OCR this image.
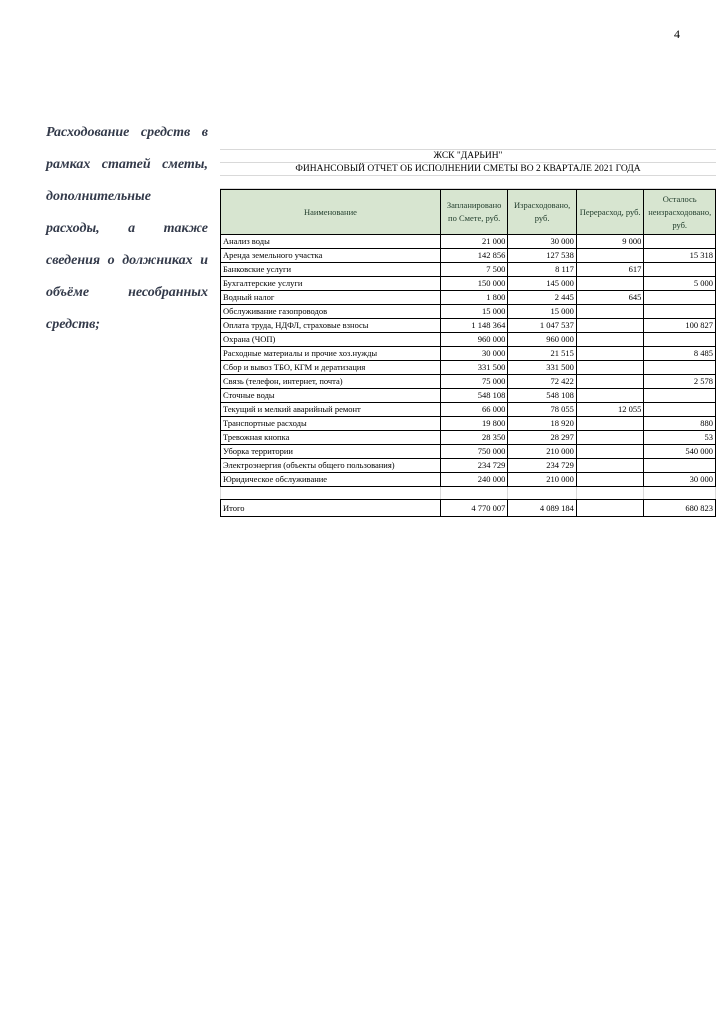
4
Расходование средств в
рамках статей сметы,
дополнительные
расходы, а также
сведения о должниках и
объёме	несобранных
средств;
ЖСК "ДАРЬИН"
ФИНАНСОВЫЙ ОТЧЕТ ОБ ИСПОЛНЕНИИ СМЕТЫ ВО 2 КВАРТАЛЕ 2021 ГОДА
Наименование	Запланировано по Смете, руб.	Израсходовано, руб.	Перерасход, руб.	Осталось неизрасходовано, руб.
Анализ воды	21 000	30 000	9 000	
Аренда земельного участка	142 856	127 538		15 318
Банковские услуги	7 500	8 117	617	
Бухгалтерские услуги	150 000	145 000		5 000
Водный налог	1 800	2 445	645	
Обслуживание газопроводов	15 000	15 000		
Оплата труда, НДФЛ, страховые взносы	1 148 364	1 047 537		100 827
Охрана (ЧОП)	960 000	960 000		
Расходные материалы и прочие хоз.нужды	30 000	21 515		8 485
Сбор и вывоз ТБО, КГМ и дератизация	331 500	331 500		
Связь (телефон, интернет, почта)	75 000	72 422		2 578
Сточные воды	548 108	548 108		
Текущий и мелкий аварийный ремонт	66 000	78 055	12 055	
Транспортные расходы	19 800	18 920		880
Тревожная кнопка	28 350	28 297		53
Уборка территории	750 000	210 000		540 000
Электроэнергия (объекты общего пользования)	234 729	234 729		
Юридическое обслуживание	240 000	210 000		30 000

Итого	4 770 007	4 089 184		680 823
